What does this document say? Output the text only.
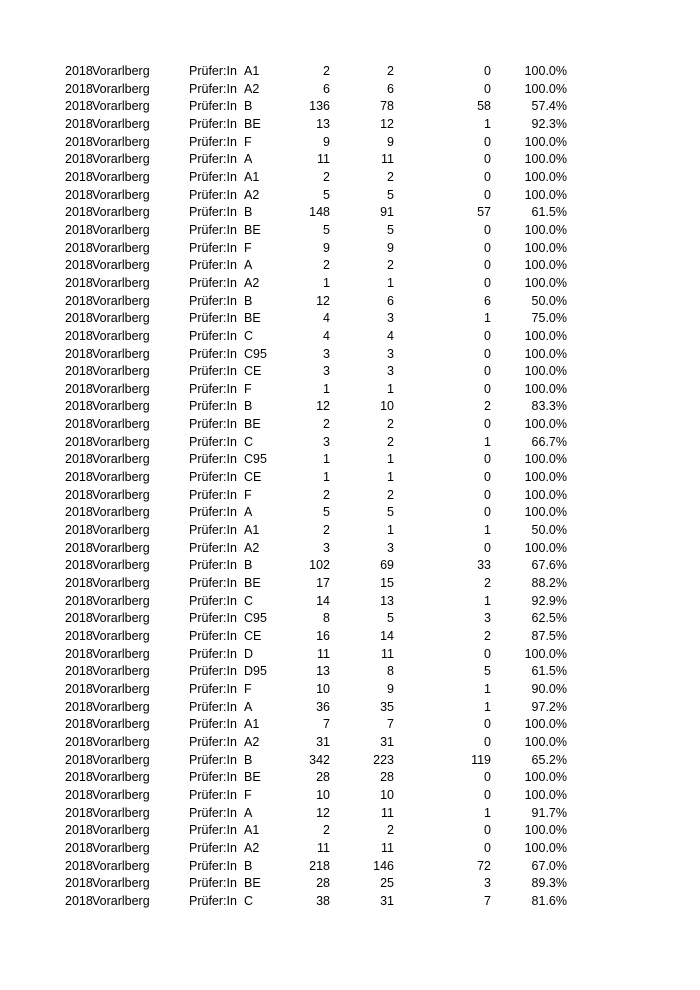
2018 Vorarlberg	Prüfer:In A1	2	2	0	100.0%
2018 Vorarlberg	Prüfer:In A2	6	6	0	100.0%
2018 Vorarlberg	Prüfer:In B	136	78	58	57.4%
2018 Vorarlberg	Prüfer:In BE	13	12	1	92.3%
2018 Vorarlberg	Prüfer:In F	9	9	0	100.0%
2018 Vorarlberg	Prüfer:In A	11	11	0	100.0%
2018 Vorarlberg	Prüfer:In A1	2	2	0	100.0%
2018 Vorarlberg	Prüfer:In A2	5	5	0	100.0%
2018 Vorarlberg	Prüfer:In B	148	91	57	61.5%
2018 Vorarlberg	Prüfer:In BE	5	5	0	100.0%
2018 Vorarlberg	Prüfer:In F	9	9	0	100.0%
2018 Vorarlberg	Prüfer:In A	2	2	0	100.0%
2018 Vorarlberg	Prüfer:In A2	1	1	0	100.0%
2018 Vorarlberg	Prüfer:In B	12	6	6	50.0%
2018 Vorarlberg	Prüfer:In BE	4	3	1	75.0%
2018 Vorarlberg	Prüfer:In C	4	4	0	100.0%
2018 Vorarlberg	Prüfer:In C95	3	3	0	100.0%
2018 Vorarlberg	Prüfer:In CE	3	3	0	100.0%
2018 Vorarlberg	Prüfer:In F	1	1	0	100.0%
2018 Vorarlberg	Prüfer:In B	12	10	2	83.3%
2018 Vorarlberg	Prüfer:In BE	2	2	0	100.0%
2018 Vorarlberg	Prüfer:In C	3	2	1	66.7%
2018 Vorarlberg	Prüfer:In C95	1	1	0	100.0%
2018 Vorarlberg	Prüfer:In CE	1	1	0	100.0%
2018 Vorarlberg	Prüfer:In F	2	2	0	100.0%
2018 Vorarlberg	Prüfer:In A	5	5	0	100.0%
2018 Vorarlberg	Prüfer:In A1	2	1	1	50.0%
2018 Vorarlberg	Prüfer:In A2	3	3	0	100.0%
2018 Vorarlberg	Prüfer:In B	102	69	33	67.6%
2018 Vorarlberg	Prüfer:In BE	17	15	2	88.2%
2018 Vorarlberg	Prüfer:In C	14	13	1	92.9%
2018 Vorarlberg	Prüfer:In C95	8	5	3	62.5%
2018 Vorarlberg	Prüfer:In CE	16	14	2	87.5%
2018 Vorarlberg	Prüfer:In D	11	11	0	100.0%
2018 Vorarlberg	Prüfer:In D95	13	8	5	61.5%
2018 Vorarlberg	Prüfer:In F	10	9	1	90.0%
2018 Vorarlberg	Prüfer:In A	36	35	1	97.2%
2018 Vorarlberg	Prüfer:In A1	7	7	0	100.0%
2018 Vorarlberg	Prüfer:In A2	31	31	0	100.0%
2018 Vorarlberg	Prüfer:In B	342	223	119	65.2%
2018 Vorarlberg	Prüfer:In BE	28	28	0	100.0%
2018 Vorarlberg	Prüfer:In F	10	10	0	100.0%
2018 Vorarlberg	Prüfer:In A	12	11	1	91.7%
2018 Vorarlberg	Prüfer:In A1	2	2	0	100.0%
2018 Vorarlberg	Prüfer:In A2	11	11	0	100.0%
2018 Vorarlberg	Prüfer:In B	218	146	72	67.0%
2018 Vorarlberg	Prüfer:In BE	28	25	3	89.3%
2018 Vorarlberg	Prüfer:In C	38	31	7	81.6%
